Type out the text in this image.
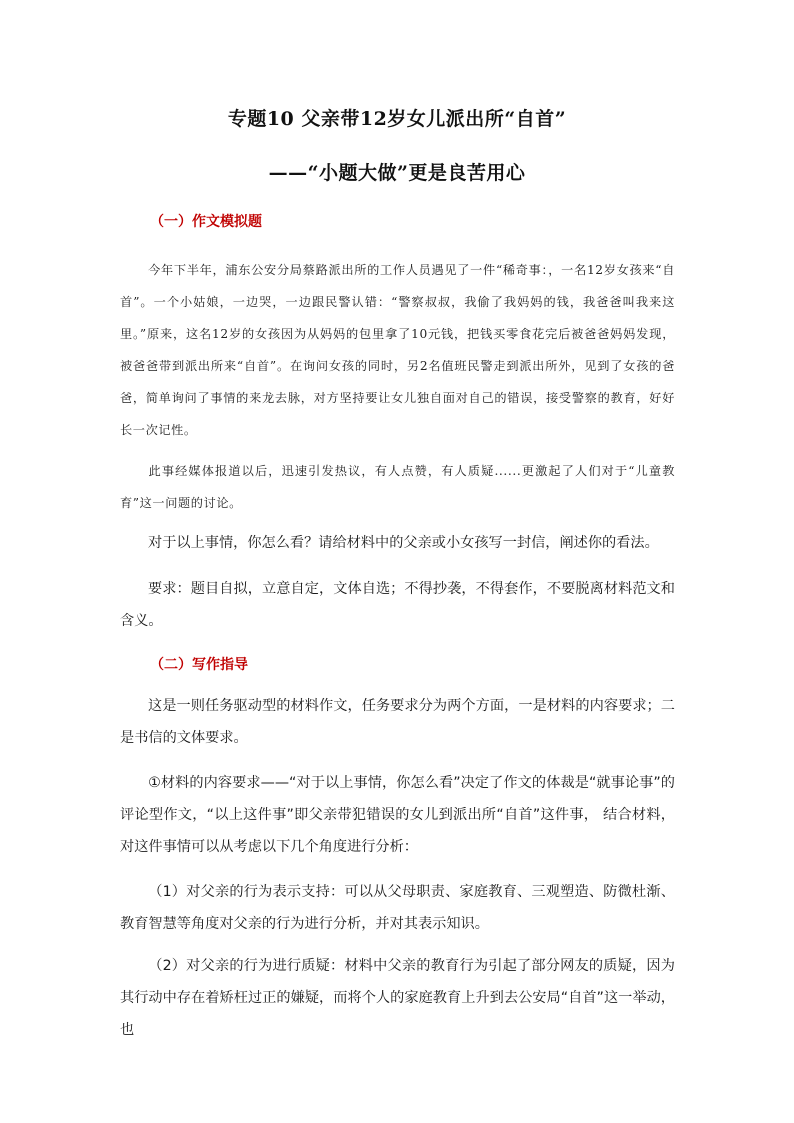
专题10 父亲带12岁女儿派出所“自首”
——“小题大做”更是良苦用心
（一）作文模拟题

今年下半年，浦东公安分局蔡路派出所的工作人员遇见了一件“稀奇事：，一名12岁女孩来“自首”。一个小姑娘，一边哭，一边跟民警认错：“警察叔叔，我偷了我妈妈的钱，我爸爸叫我来这里。”原来，这名12岁的女孩因为从妈妈的包里拿了10元钱，把钱买零食花完后被爸爸妈妈发现，被爸爸带到派出所来“自首”。在询问女孩的同时，另2名值班民警走到派出所外，见到了女孩的爸爸，简单询问了事情的来龙去脉，对方坚持要让女儿独自面对自己的错误，接受警察的教育，好好长一次记性。

此事经媒体报道以后，迅速引发热议，有人点赞，有人质疑......更激起了人们对于“儿童教育”这一问题的讨论。

对于以上事情，你怎么看？请给材料中的父亲或小女孩写一封信，阐述你的看法。

要求：题目自拟，立意自定，文体自选；不得抄袭，不得套作，不要脱离材料范文和含义。

（二）写作指导

这是一则任务驱动型的材料作文，任务要求分为两个方面，一是材料的内容要求；二是书信的文体要求。

①材料的内容要求——“对于以上事情，你怎么看”决定了作文的体裁是“就事论事”的评论型作文，“以上这件事”即父亲带犯错误的女儿到派出所“自首”这件事， 结合材料，对这件事情可以从考虑以下几个角度进行分析：

（1）对父亲的行为表示支持：可以从父母职责、家庭教育、三观塑造、防微杜渐、教育智慧等角度对父亲的行为进行分析，并对其表示知识。

（2）对父亲的行为进行质疑：材料中父亲的教育行为引起了部分网友的质疑，因为其行动中存在着矫枉过正的嫌疑，而将个人的家庭教育上升到去公安局“自首”这一举动，也
